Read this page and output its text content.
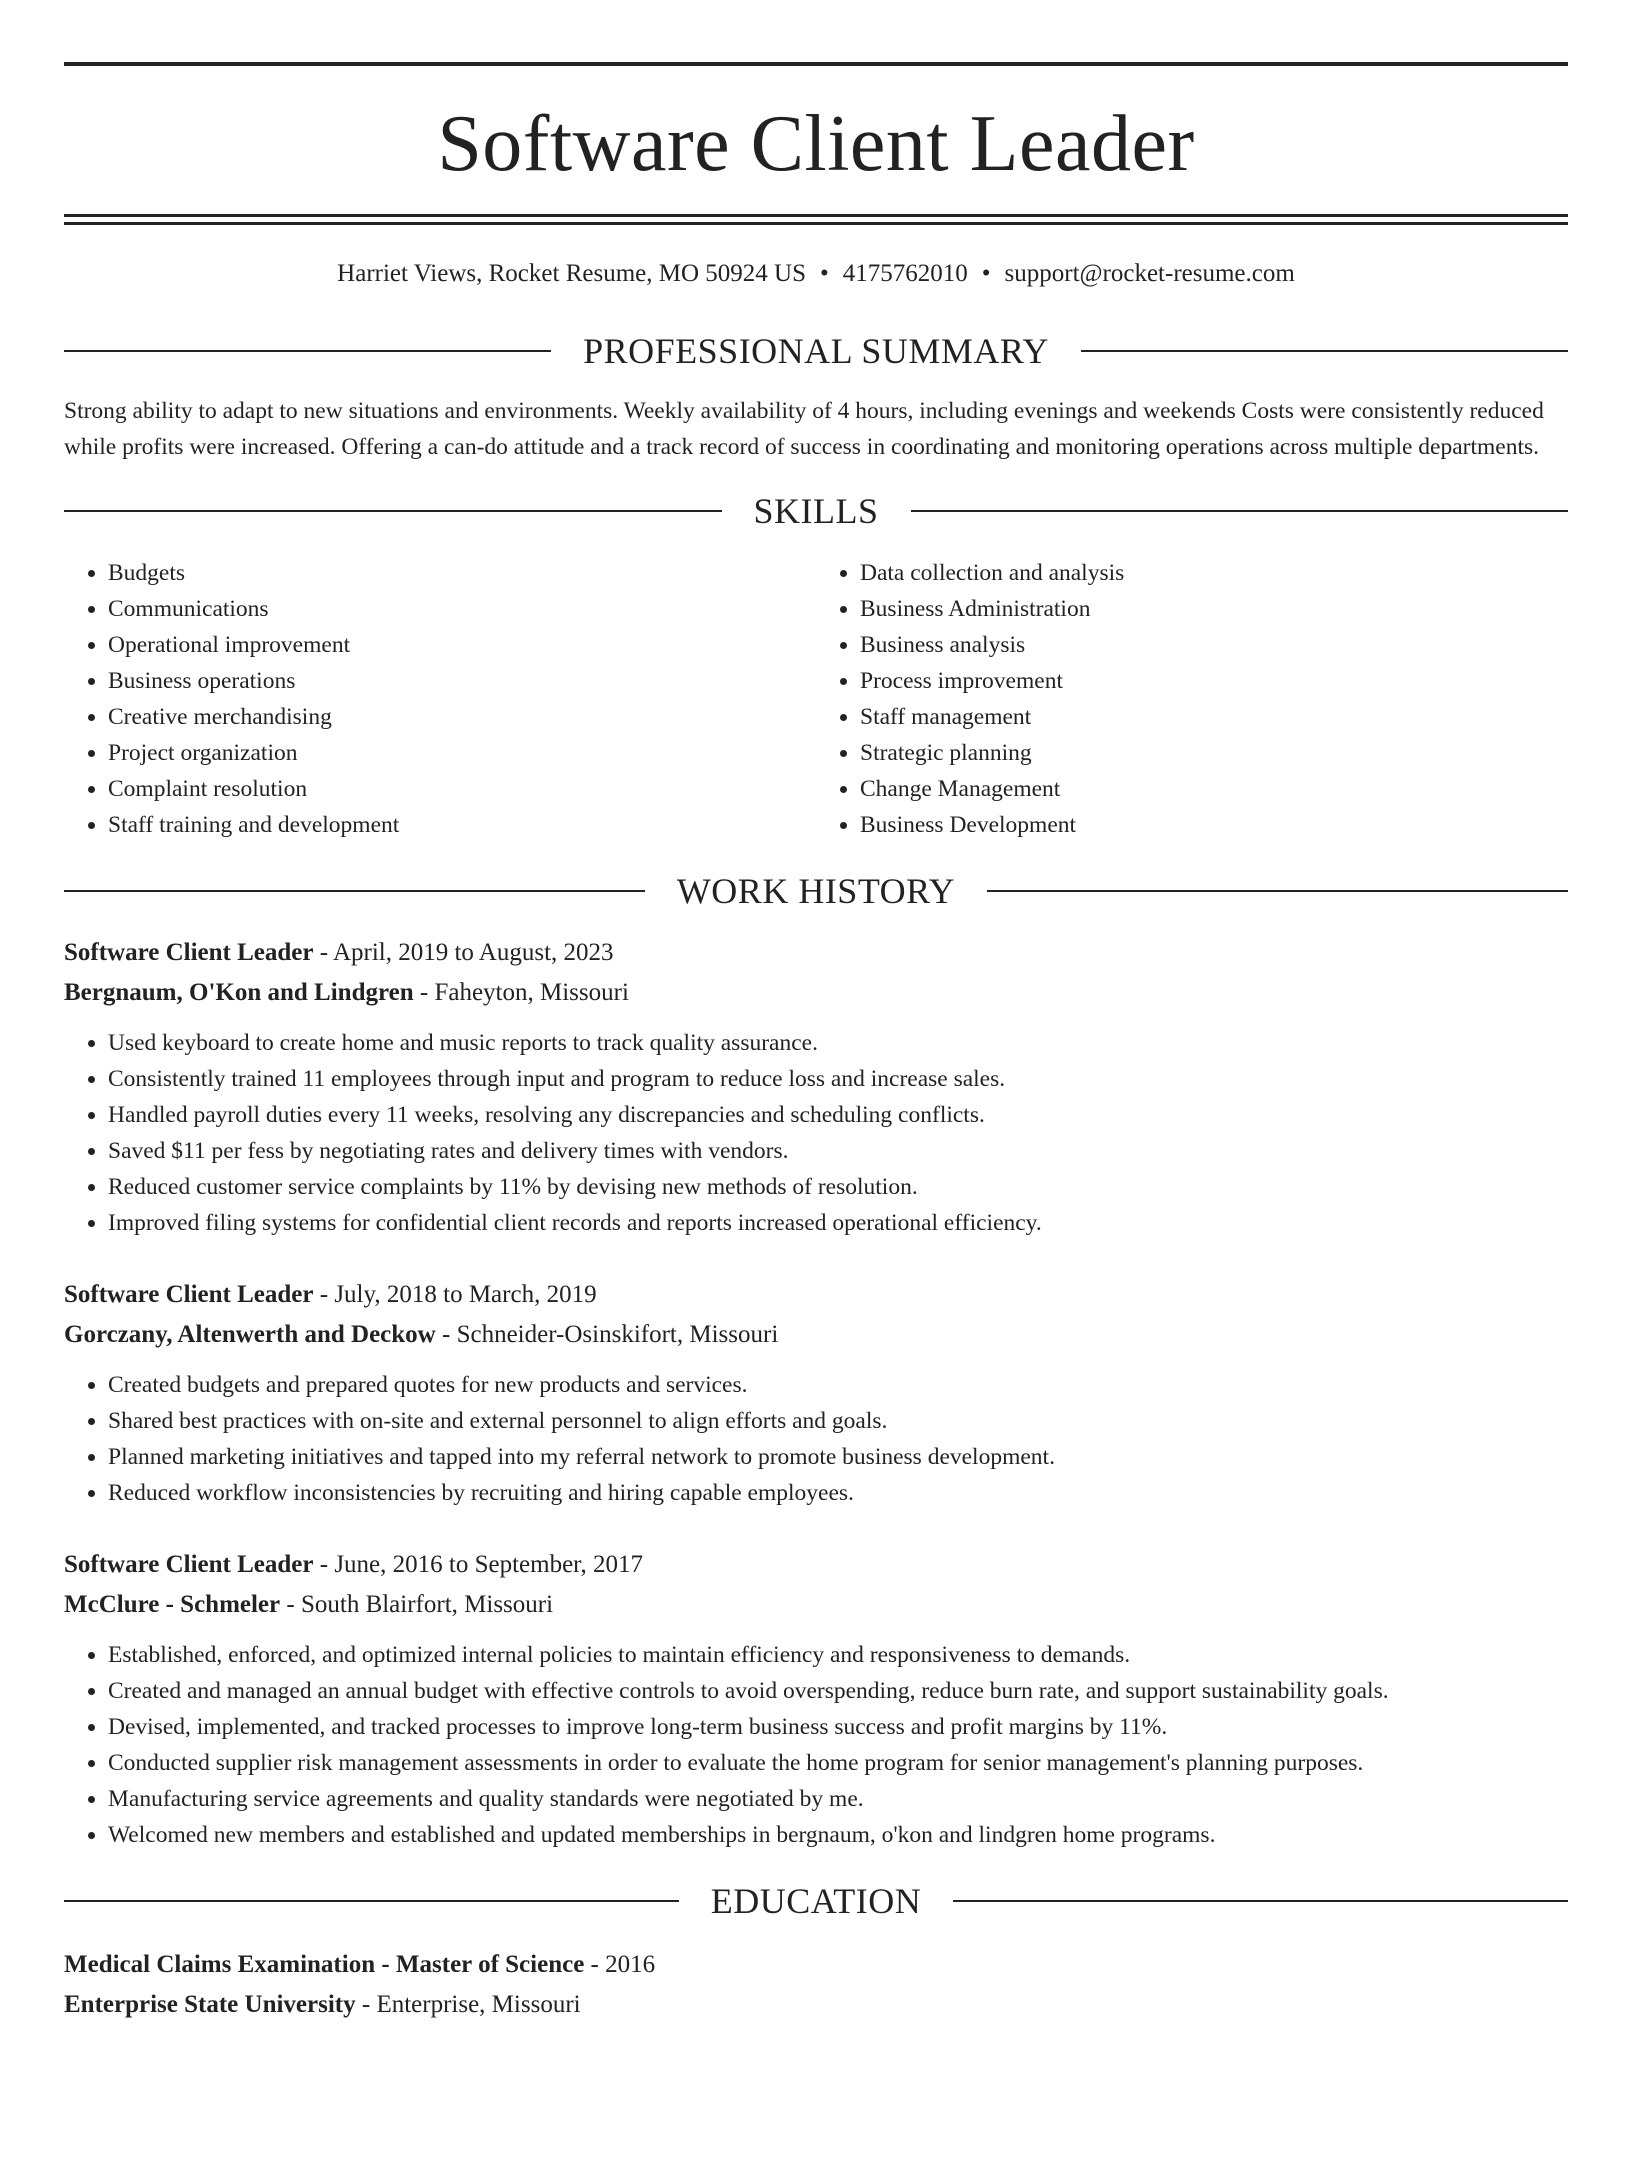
Software Client Leader
Harriet Views, Rocket Resume, MO 50924 US • 4175762010 • support@rocket-resume.com
PROFESSIONAL SUMMARY

Strong ability to adapt to new situations and environments. Weekly availability of 4 hours, including evenings and weekends Costs were consistently reduced while profits were increased. Offering a can-do attitude and a track record of success in coordinating and monitoring operations across multiple departments.

SKILLS
• Budgets
• Communications
• Operational improvement
• Business operations
• Creative merchandising
• Project organization
• Complaint resolution
• Staff training and development
• Data collection and analysis
• Business Administration
• Business analysis
• Process improvement
• Staff management
• Strategic planning
• Change Management
• Business Development
WORK HISTORY
Software Client Leader - April, 2019 to August, 2023
Bergnaum, O'Kon and Lindgren - Faheyton, Missouri
• Used keyboard to create home and music reports to track quality assurance.
• Consistently trained 11 employees through input and program to reduce loss and increase sales.
• Handled payroll duties every 11 weeks, resolving any discrepancies and scheduling conflicts.
• Saved $11 per fess by negotiating rates and delivery times with vendors.
• Reduced customer service complaints by 11% by devising new methods of resolution.
• Improved filing systems for confidential client records and reports increased operational efficiency.
Software Client Leader - July, 2018 to March, 2019
Gorczany, Altenwerth and Deckow - Schneider-Osinskifort, Missouri
• Created budgets and prepared quotes for new products and services.
• Shared best practices with on-site and external personnel to align efforts and goals.
• Planned marketing initiatives and tapped into my referral network to promote business development.
• Reduced workflow inconsistencies by recruiting and hiring capable employees.
Software Client Leader - June, 2016 to September, 2017
McClure - Schmeler - South Blairfort, Missouri
• Established, enforced, and optimized internal policies to maintain efficiency and responsiveness to demands.
• Created and managed an annual budget with effective controls to avoid overspending, reduce burn rate, and support sustainability goals.
• Devised, implemented, and tracked processes to improve long-term business success and profit margins by 11%.
• Conducted supplier risk management assessments in order to evaluate the home program for senior management's planning purposes.
• Manufacturing service agreements and quality standards were negotiated by me.
• Welcomed new members and established and updated memberships in bergnaum, o'kon and lindgren home programs.
EDUCATION
Medical Claims Examination - Master of Science - 2016
Enterprise State University - Enterprise, Missouri
